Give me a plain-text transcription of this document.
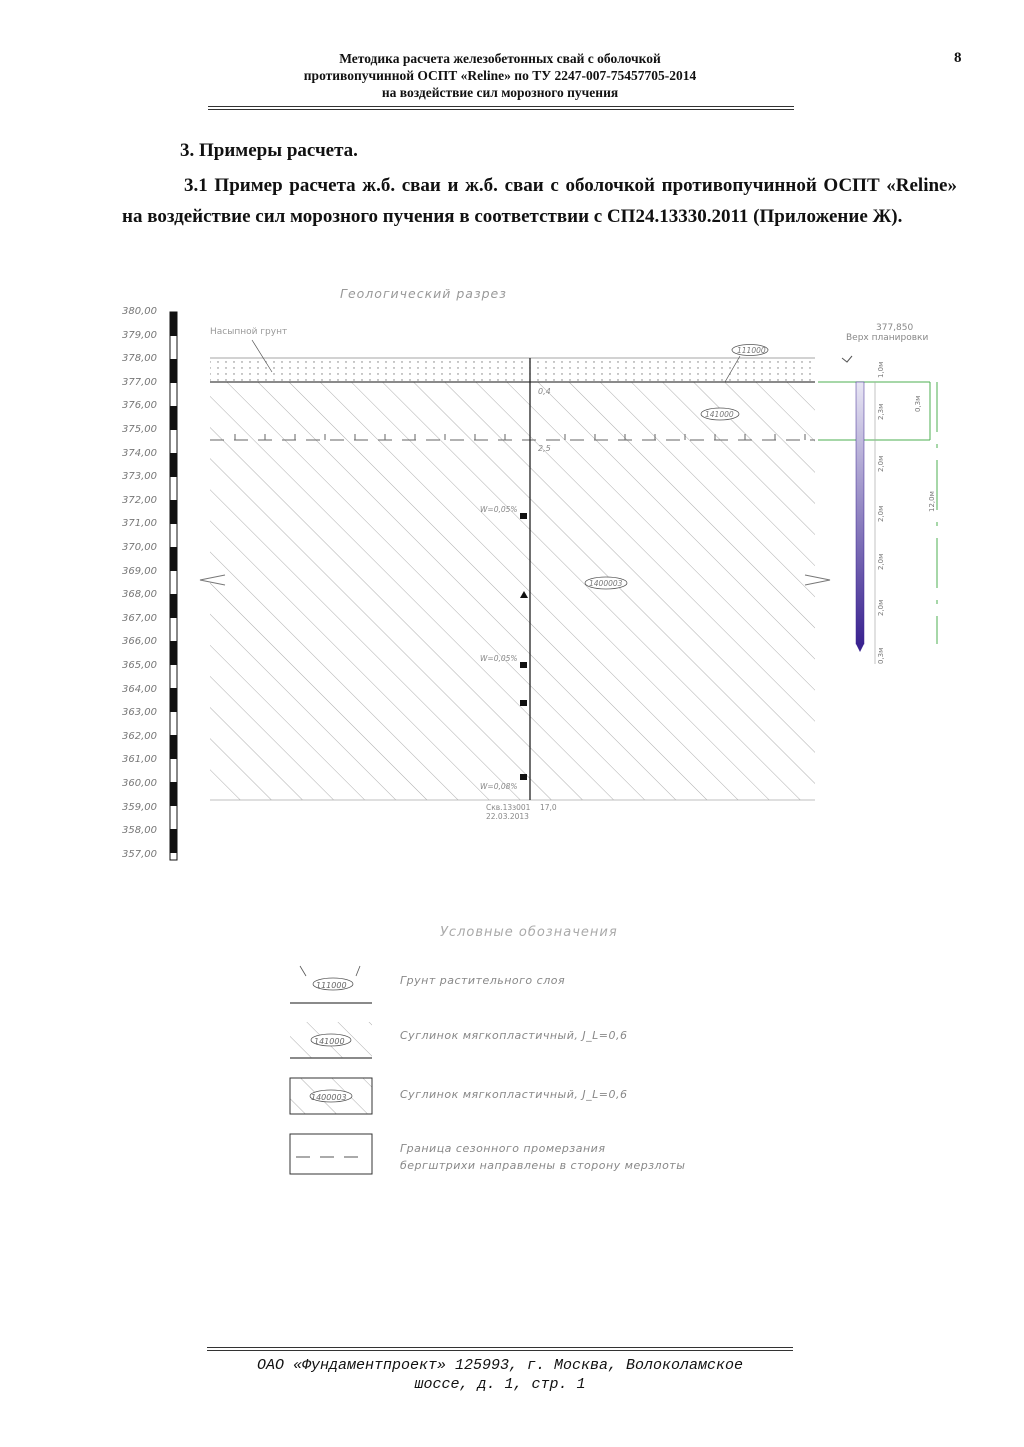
Методика расчета железобетонных свай с оболочкой
противопучинной ОСПТ «Reline» по ТУ 2247-007-75457705-2014
на воздействие сил морозного пучения
8
3. Примеры расчета.
3.1 Пример расчета ж.б. сваи и ж.б. сваи с оболочкой противопучинной ОСПТ «Reline» на воздействие сил морозного пучения в соответствии с СП24.13330.2011 (Приложение Ж).
Геологический разрез
380,00
379,00
378,00
377,00
376,00
375,00
374,00
373,00
372,00
371,00
370,00
369,00
368,00
367,00
366,00
365,00
364,00
363,00
362,00
361,00
360,00
359,00
358,00
357,00
Насыпной грунт
111000
141000
1400003
377,850
Верх планировки
0,4
2,5
W=0,05%
W=0,05%
W=0,08%
Скв.13з001
22.03.2013
17,0
1,0м
2,3м
2,0м
2,0м
2,0м
2,0м
0,3м
0,3м
12,0м
111000
141000
1400003
Условные обозначения
Грунт растительного слоя
Суглинок мягкопластичный, J_L=0,6
Суглинок мягкопластичный, J_L=0,6
Граница сезонного промерзания
бергштрихи направлены в сторону мерзлоты
ОАО «Фундаментпроект» 125993, г. Москва, Волоколамское
шоссе, д. 1, стр. 1
